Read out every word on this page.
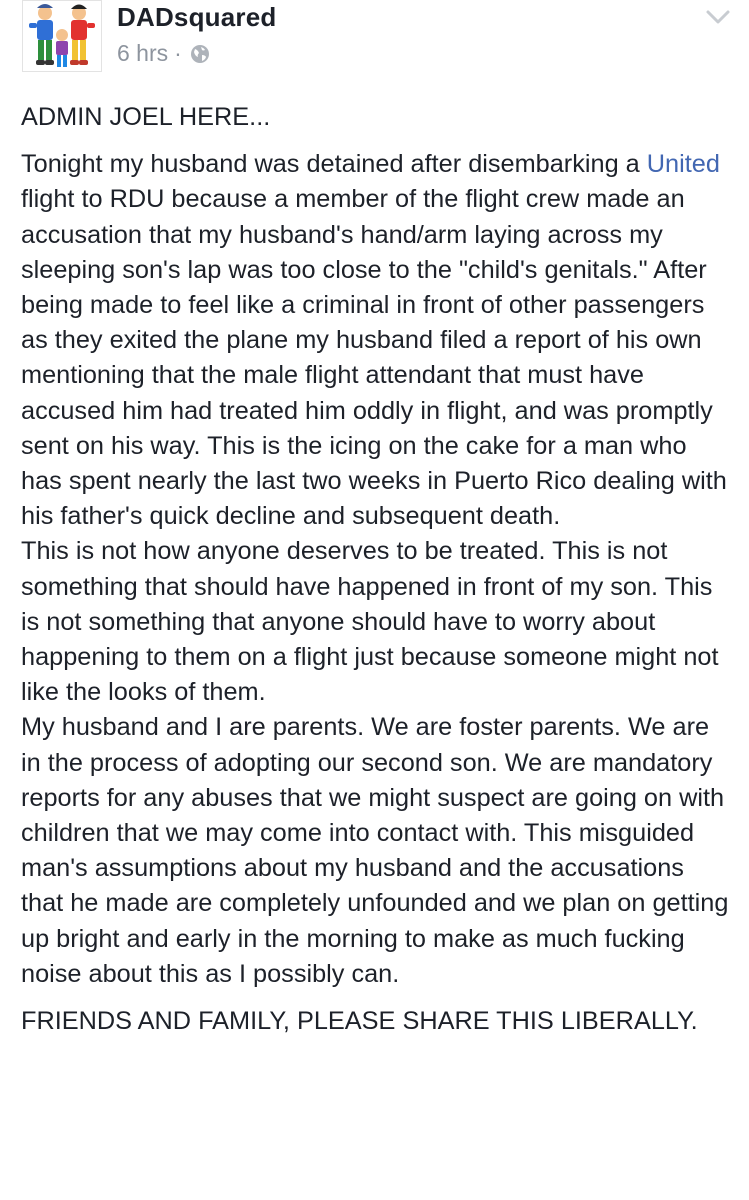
DADsquared
6 hrs ·

ADMIN JOEL HERE...

Tonight my husband was detained after disembarking a United flight to RDU because a member of the flight crew made an accusation that my husband's hand/arm laying across my sleeping son's lap was too close to the "child's genitals." After being made to feel like a criminal in front of other passengers as they exited the plane my husband filed a report of his own mentioning that the male flight attendant that must have accused him had treated him oddly in flight, and was promptly sent on his way. This is the icing on the cake for a man who has spent nearly the last two weeks in Puerto Rico dealing with his father's quick decline and subsequent death.

This is not how anyone deserves to be treated. This is not something that should have happened in front of my son. This is not something that anyone should have to worry about happening to them on a flight just because someone might not like the looks of them.

My husband and I are parents. We are foster parents. We are in the process of adopting our second son. We are mandatory reports for any abuses that we might suspect are going on with children that we may come into contact with. This misguided man's assumptions about my husband and the accusations that he made are completely unfounded and we plan on getting up bright and early in the morning to make as much fucking noise about this as I possibly can.

FRIENDS AND FAMILY, PLEASE SHARE THIS LIBERALLY.
